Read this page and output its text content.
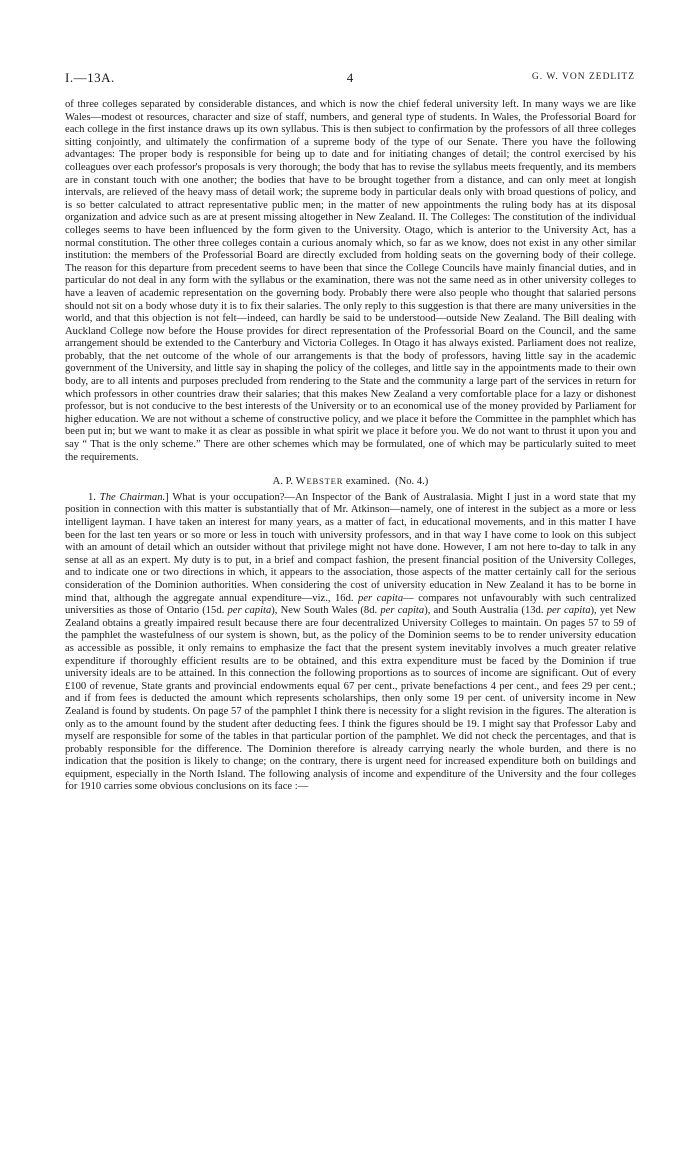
I.—13A.	4	G. W. VON ZEDLITZ

of three colleges separated by considerable distances, and which is now the chief federal university left. In many ways we are like Wales—modest ot resources, character and size of staff, numbers, and general type of students. In Wales, the Professorial Board for each college in the first instance draws up its own syllabus. This is then subject to confirmation by the professors of all three colleges sitting conjointly, and ultimately the confirmation of a supreme body of the type of our Senate. There you have the following advantages: The proper body is responsible for being up to date and for initiating changes of detail; the control exercised by his colleagues over each professor's proposals is very thorough; the body that has to revise the syllabus meets frequently, and its members are in constant touch with one another; the bodies that have to be brought together from a distance, and can only meet at longish intervals, are relieved of the heavy mass of detail work; the supreme body in particular deals only with broad questions of policy, and is so better calculated to attract representative public men; in the matter of new appointments the ruling body has at its disposal organization and advice such as are at present missing altogether in New Zealand. II. The Colleges: The constitution of the individual colleges seems to have been influenced by the form given to the University. Otago, which is anterior to the University Act, has a normal constitution. The other three colleges contain a curious anomaly which, so far as we know, does not exist in any other similar institution: the members of the Professorial Board are directly excluded from holding seats on the governing body of their college. The reason for this departure from precedent seems to have been that since the College Councils have mainly financial duties, and in particular do not deal in any form with the syllabus or the examination, there was not the same need as in other university colleges to have a leaven of academic representation on the governing body. Probably there were also people who thought that salaried persons should not sit on a body whose duty it is to fix their salaries. The only reply to this suggestion is that there are many universities in the world, and that this objection is not felt—indeed, can hardly be said to be understood—outside New Zealand. The Bill dealing with Auckland College now before the House provides for direct representation of the Professorial Board on the Council, and the same arrangement should be extended to the Canterbury and Victoria Colleges. In Otago it has always existed. Parliament does not realize, probably, that the net outcome of the whole of our arrangements is that the body of professors, having little say in the academic government of the University, and little say in shaping the policy of the colleges, and little say in the appointments made to their own body, are to all intents and purposes precluded from rendering to the State and the community a large part of the services in return for which professors in other countries draw their salaries; that this makes New Zealand a very comfortable place for a lazy or dishonest professor, but is not conducive to the best interests of the University or to an economical use of the money provided by Parliament for higher education. We are not without a scheme of constructive policy, and we place it before the Committee in the pamphlet which has been put in; but we want to make it as clear as possible in what spirit we place it before you. We do not want to thrust it upon you and say “ That is the only scheme.” There are other schemes which may be formulated, one of which may be particularly suited to meet the requirements.

A. P. WEBSTER examined. (No. 4.)

1. The Chairman.] What is your occupation?—An Inspector of the Bank of Australasia. Might I just in a word state that my position in connection with this matter is substantially that of Mr. Atkinson—namely, one of interest in the subject as a more or less intelligent layman. I have taken an interest for many years, as a matter of fact, in educational movements, and in this matter I have been for the last ten years or so more or less in touch with university professors, and in that way I have come to look on this subject with an amount of detail which an outsider without that privilege might not have done. However, I am not here to-day to talk in any sense at all as an expert. My duty is to put, in a brief and compact fashion, the present financial position of the University Colleges, and to indicate one or two directions in which, it appears to the association, those aspects of the matter certainly call for the serious consideration of the Dominion authorities. When considering the cost of university education in New Zealand it has to be borne in mind that, although the aggregate annual expenditure—viz., 16d. per capita— compares not unfavourably with such centralized universities as those of Ontario (15d. per capita), New South Wales (8d. per capita), and South Australia (13d. per capita), yet New Zealand obtains a greatly impaired result because there are four decentralized University Colleges to maintain. On pages 57 to 59 of the pamphlet the wastefulness of our system is shown, but, as the policy of the Dominion seems to be to render university education as accessible as possible, it only remains to emphasize the fact that the present system inevitably involves a much greater relative expenditure if thoroughly efficient results are to be obtained, and this extra expenditure must be faced by the Dominion if true university ideals are to be attained. In this connection the following proportions as to sources of income are significant. Out of every £100 of revenue, State grants and provincial endowments equal 67 per cent., private benefactions 4 per cent., and fees 29 per cent.; and if from fees is deducted the amount which represents scholarships, then only some 19 per cent. of university income in New Zealand is found by students. On page 57 of the pamphlet I think there is necessity for a slight revision in the figures. The alteration is only as to the amount found by the student after deducting fees. I think the figures should be 19. I might say that Professor Laby and myself are responsible for some of the tables in that particular portion of the pamphlet. We did not check the percentages, and that is probably responsible for the difference. The Dominion therefore is already carrying nearly the whole burden, and there is no indication that the position is likely to change; on the contrary, there is urgent need for increased expenditure both on buildings and equipment, especially in the North Island. The following analysis of income and expenditure of the University and the four colleges for 1910 carries some obvious conclusions on its face :—
